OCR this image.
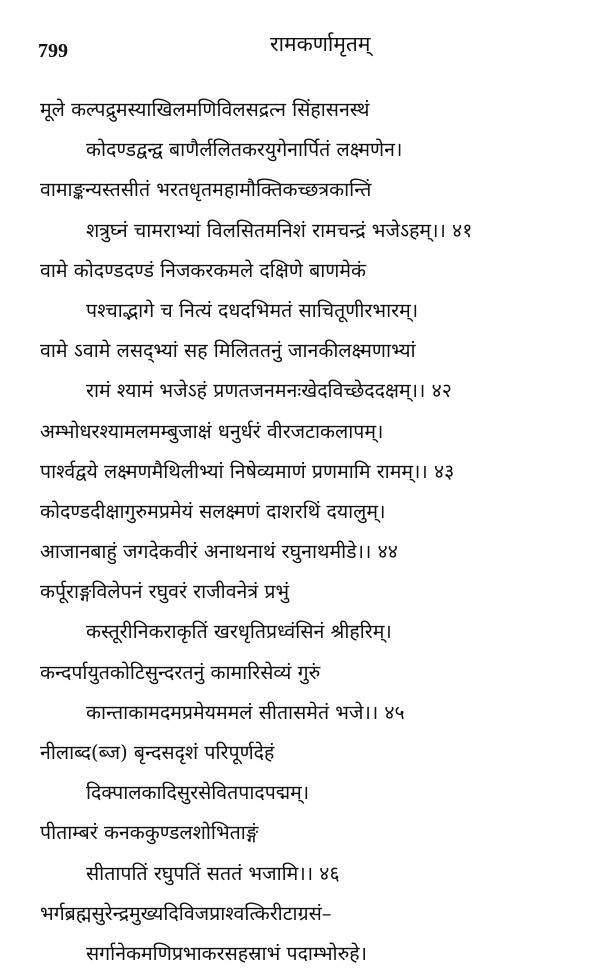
799	रामकर्णामृतम्
मूले कल्पद्रुमस्याखिलमणिविलसद्रत्न सिंहासनस्थं
कोदण्डद्वन्द्व बाणैर्ललितकरयुगेनार्पितं लक्ष्मणेन।
वामाङ्कन्यस्तसीतं भरतधृतमहामौक्तिकच्छत्रकान्तिं
शत्रुघ्नं चामराभ्यां विलसितमनिशं रामचन्द्रं भजेऽहम्।। ४१
वामे कोदण्डदण्डं निजकरकमले दक्षिणे बाणमेकं
पश्चाद्भागे च नित्यं दधदभिमतं साचितूणीरभारम्।
वामे ऽवामे लसद्भ्यां सह मिलिततनुं जानकीलक्ष्मणाभ्यां
रामं श्यामं भजेऽहं प्रणतजनमनःखेदविच्छेददक्षम्।। ४२
अम्भोधरश्यामलमम्बुजाक्षं धनुर्धरं वीरजटाकलापम्।
पार्श्वद्वये लक्ष्मणमैथिलीभ्यां निषेव्यमाणं प्रणमामि रामम्।। ४३
कोदण्डदीक्षागुरुमप्रमेयं सलक्ष्मणं दाशरथिं दयालुम्।
आजानबाहुं जगदेकवीरं अनाथनाथं रघुनाथमीडे।। ४४
कर्पूराङ्गविलेपनं रघुवरं राजीवनेत्रं प्रभुं
कस्तूरीनिकराकृतिं खरधृतिप्रध्वंसिनं श्रीहरिम्।
कन्दर्पायुतकोटिसुन्दरतनुं कामारिसेव्यं गुरुं
कान्ताकामदमप्रमेयममलं सीतासमेतं भजे।। ४५
नीलाब्द(ब्ज) बृन्दसदृशं परिपूर्णदेहं
दिक्पालकादिसुरसेवितपादपद्मम्।
पीताम्बरं कनककुण्डलशोभिताङ्गं
सीतापतिं रघुपतिं सततं भजामि।। ४६
भर्गब्रह्मसुरेन्द्रमुख्यदिविजप्राश्वत्किरीटाग्रसं–
सर्गानेकमणिप्रभाकरसहस्राभं पदाम्भोरुहे।
